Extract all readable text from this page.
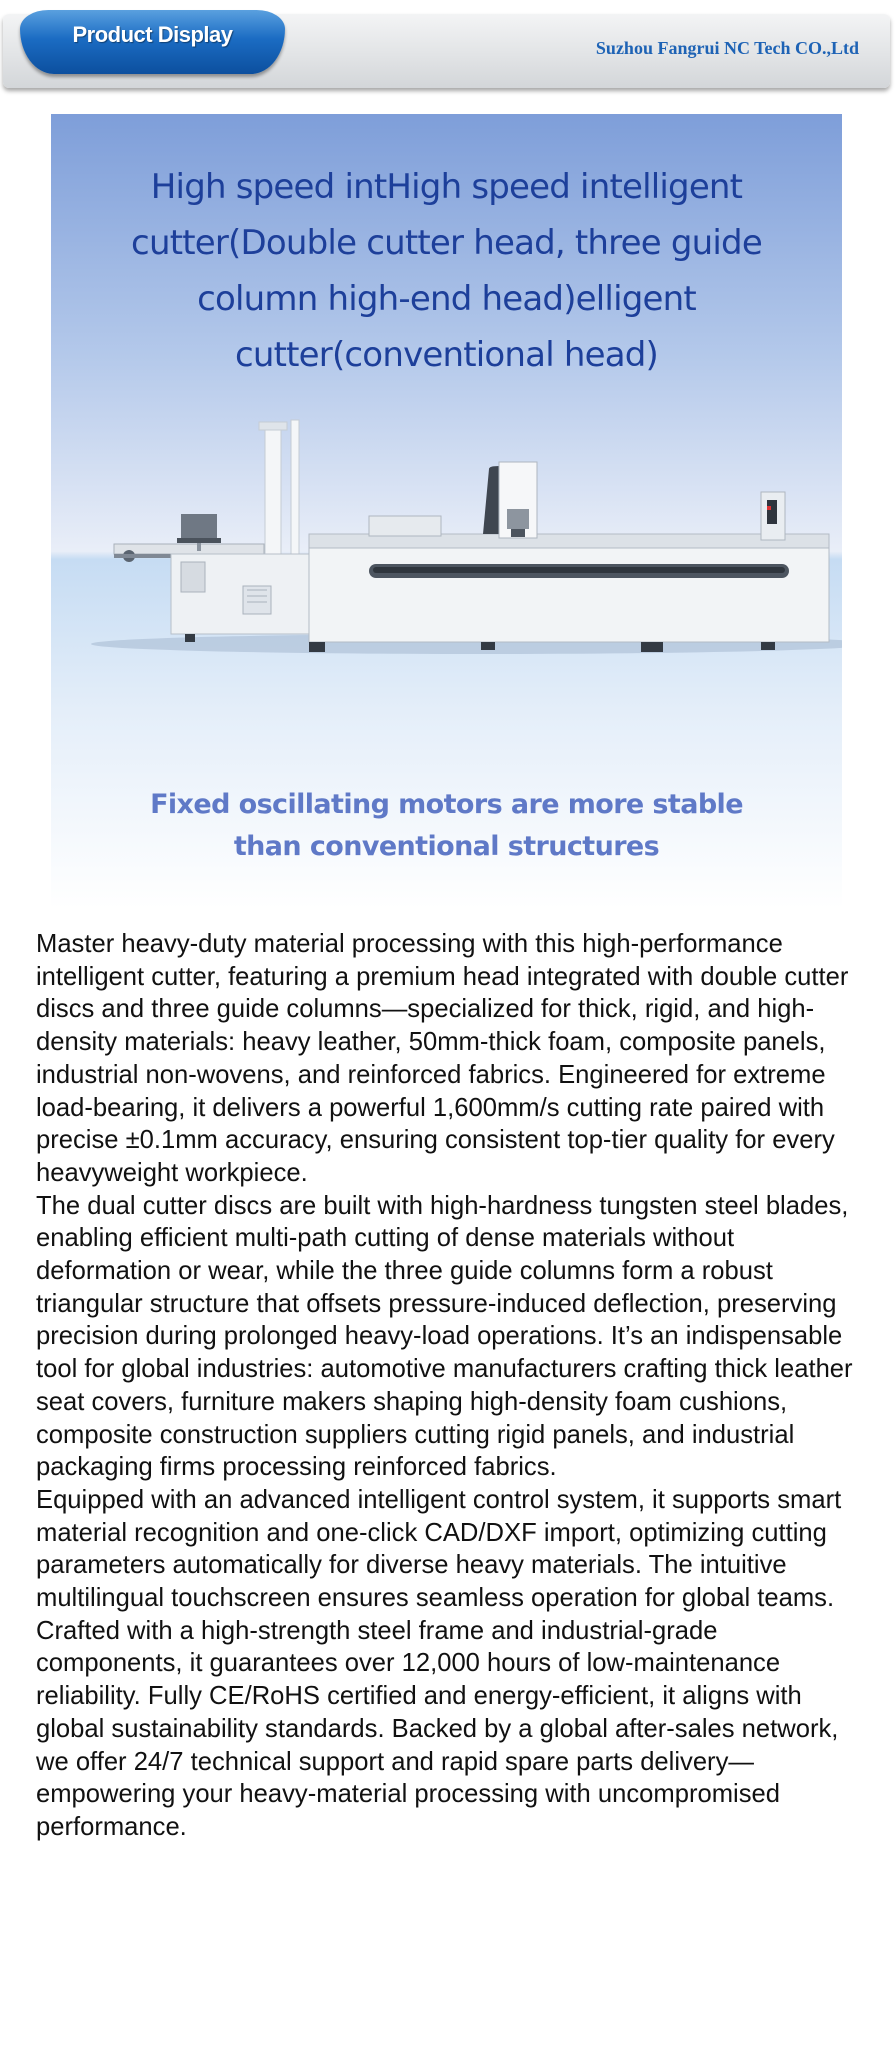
Product Display
Suzhou Fangrui NC Tech CO.,Ltd
High speed intHigh speed intelligent
cutter(Double cutter head, three guide
column high-end head)elligent
cutter(conventional head)
Fixed oscillating motors are more stable
than conventional structures

Master heavy-duty material processing with this high-performance intelligent cutter, featuring a premium head integrated with double cutter discs and three guide columns—specialized for thick, rigid, and high-density materials: heavy leather, 50mm-thick foam, composite panels, industrial non-wovens, and reinforced fabrics. Engineered for extreme load-bearing, it delivers a powerful 1,600mm/s cutting rate paired with precise ±0.1mm accuracy, ensuring consistent top-tier quality for every heavyweight workpiece.

The dual cutter discs are built with high-hardness tungsten steel blades, enabling efficient multi-path cutting of dense materials without deformation or wear, while the three guide columns form a robust triangular structure that offsets pressure-induced deflection, preserving precision during prolonged heavy-load operations. It’s an indispensable tool for global industries: automotive manufacturers crafting thick leather seat covers, furniture makers shaping high-density foam cushions, composite construction suppliers cutting rigid panels, and industrial packaging firms processing reinforced fabrics.

Equipped with an advanced intelligent control system, it supports smart material recognition and one-click CAD/DXF import, optimizing cutting parameters automatically for diverse heavy materials. The intuitive multilingual touchscreen ensures seamless operation for global teams. Crafted with a high-strength steel frame and industrial-grade components, it guarantees over 12,000 hours of low-maintenance reliability. Fully CE/RoHS certified and energy-efficient, it aligns with global sustainability standards. Backed by a global after-sales network, we offer 24/7 technical support and rapid spare parts delivery—empowering your heavy-material processing with uncompromised performance.
